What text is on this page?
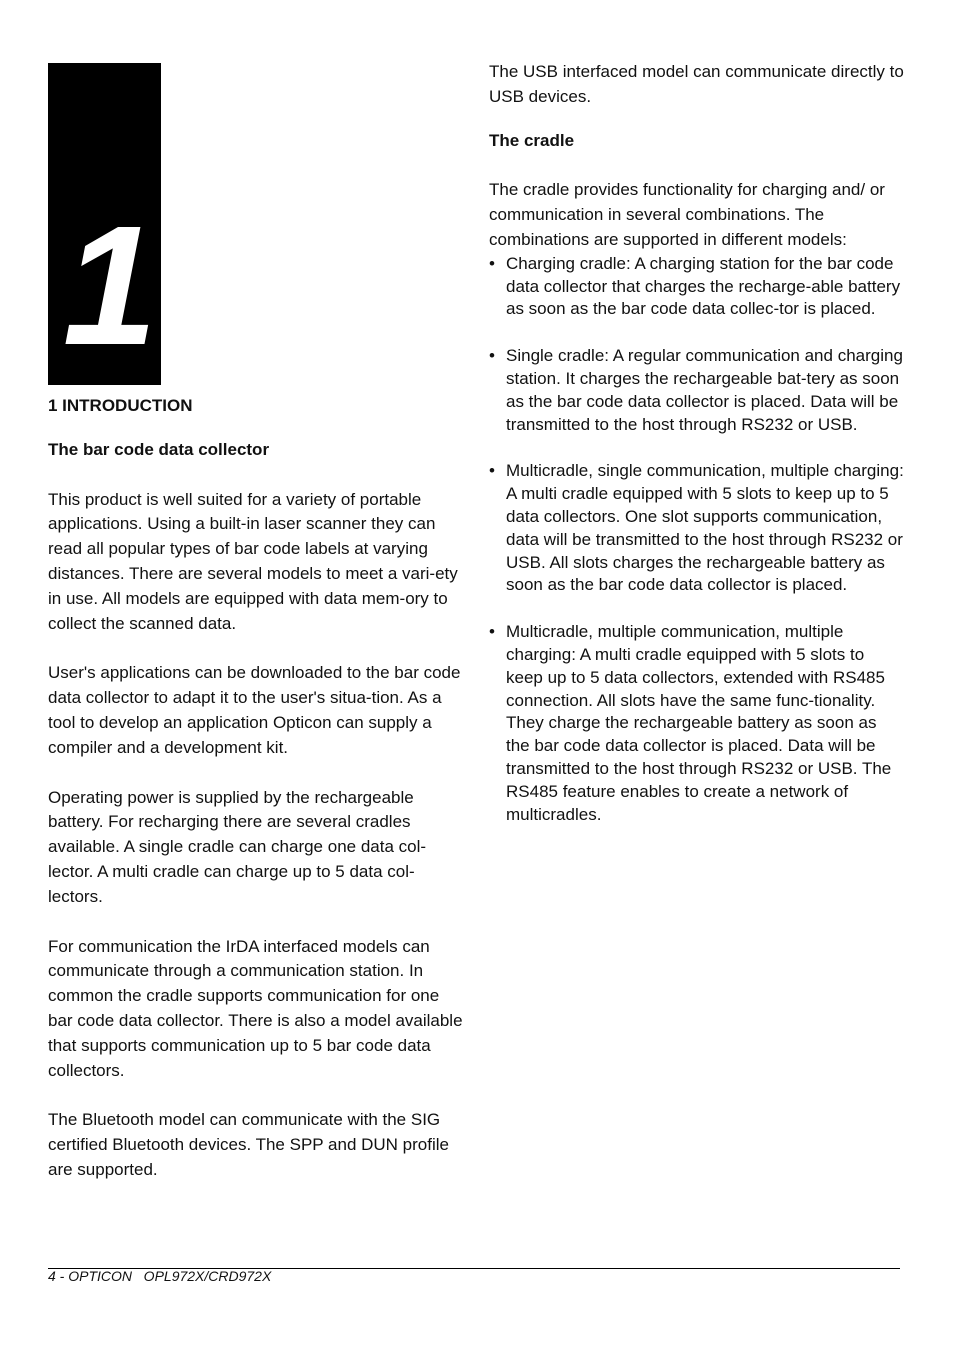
1
1 INTRODUCTION
The bar code data collector

This product is well suited for a variety of portable applications. Using a built-in laser scanner they can read all popular types of bar code labels at varying distances. There are several models to meet a vari-ety in use. All models are equipped with data mem-ory to collect the scanned data.

User's applications can be downloaded to the bar code data collector to adapt it to the user's situa-tion. As a tool to develop an application Opticon can supply a compiler and a development kit.

Operating power is supplied by the rechargeable battery. For recharging there are several cradles available. A single cradle can charge one data col-lector. A multi cradle can charge up to 5 data col-lectors.

For communication the IrDA interfaced models can communicate through a communication station. In common the cradle supports communication for one bar code data collector. There is also a model available that supports communication up to 5 bar code data collectors.

The Bluetooth model can communicate with the SIG certified Bluetooth devices. The SPP and DUN profile are supported.

The USB interfaced model can communicate directly to USB devices.

The cradle

The cradle provides functionality for charging and/ or communication in several combinations. The combinations are supported in different models:

• Charging cradle: A charging station for the bar code data collector that charges the recharge-able battery as soon as the bar code data collec-tor is placed.
• Single cradle: A regular communication and charging station. It charges the rechargeable bat-tery as soon as the bar code data collector is placed. Data will be transmitted to the host through RS232 or USB.
• Multicradle, single communication, multiple charging: A multi cradle equipped with 5 slots to keep up to 5 data collectors. One slot supports communication, data will be transmitted to the host through RS232 or USB. All slots charges the rechargeable battery as soon as the bar code data collector is placed.
• Multicradle, multiple communication, multiple charging: A multi cradle equipped with 5 slots to keep up to 5 data collectors, extended with RS485 connection. All slots have the same func-tionality. They charge the rechargeable battery as soon as the bar code data collector is placed. Data will be transmitted to the host through RS232 or USB. The RS485 feature enables to create a network of multicradles.
4 - OPTICON   OPL972X/CRD972X
